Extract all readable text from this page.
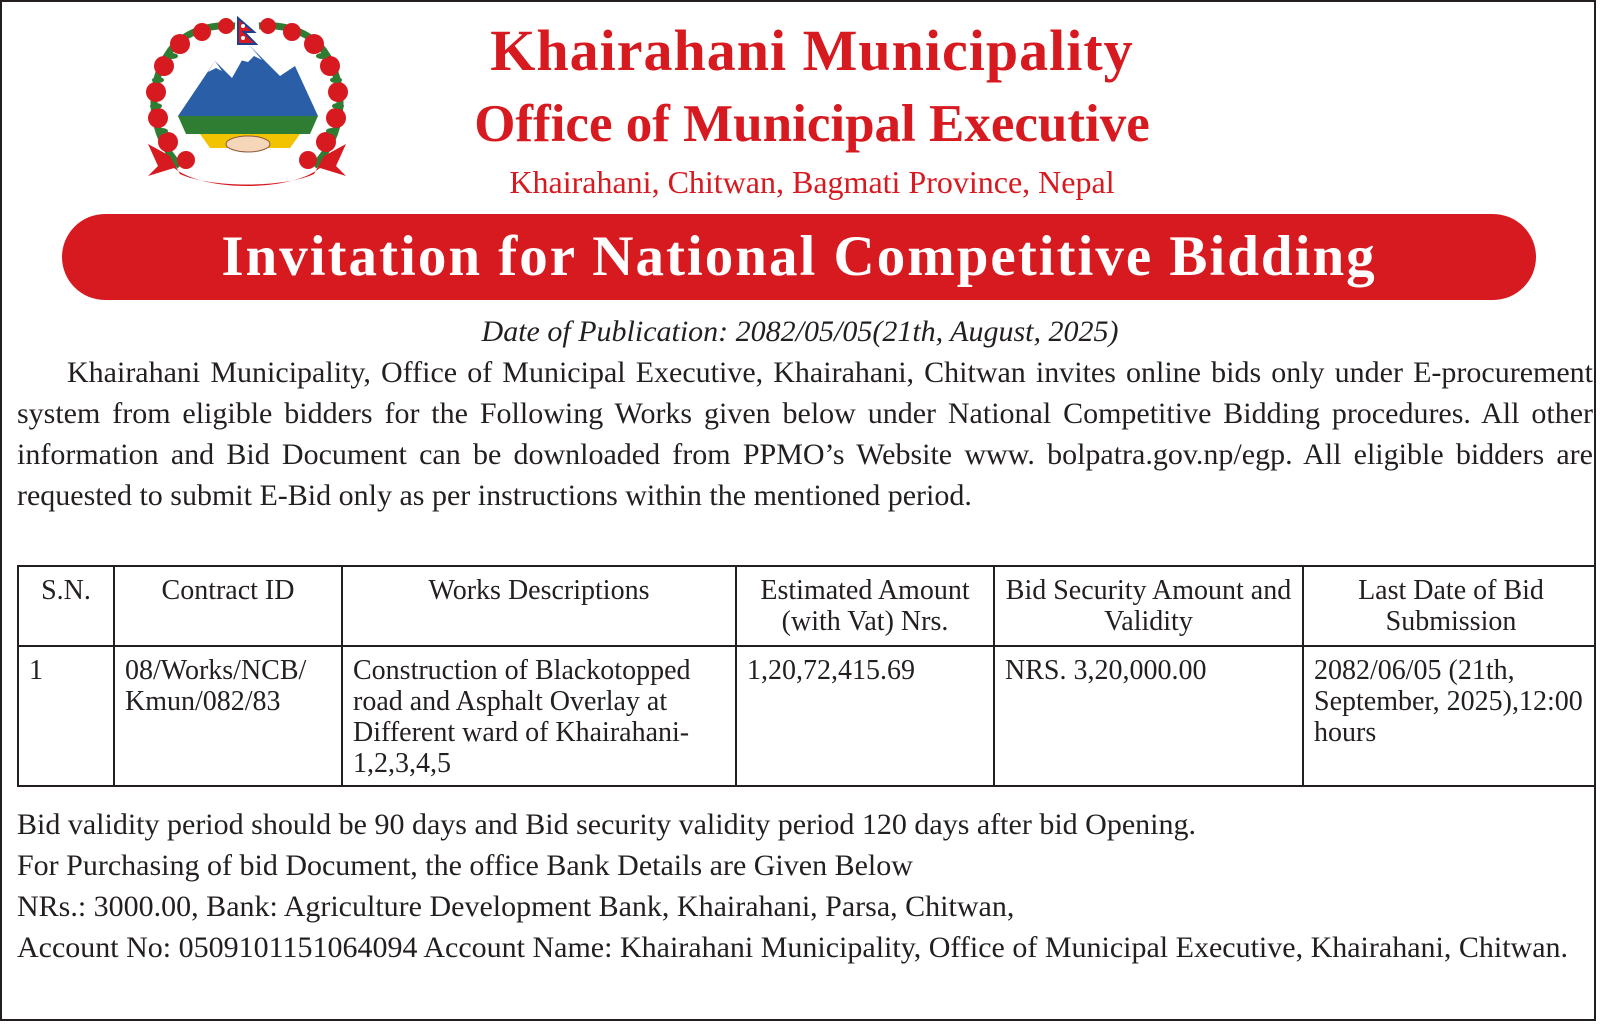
Khairahani Municipality
Office of Municipal Executive
Khairahani, Chitwan, Bagmati Province, Nepal
Invitation for National Competitive Bidding
Date of Publication: 2082/05/05(21th, August, 2025)

Khairahani Municipality, Office of Municipal Executive, Khairahani, Chitwan invites online bids only under E-procurement system from eligible bidders for the Following Works given below under National Competitive Bidding procedures. All other information and Bid Document can be downloaded from PPMO’s Website www. bolpatra.gov.np/egp. All eligible bidders are requested to submit E-Bid only as per instructions within the mentioned period.

S.N.	Contract ID	Works Descriptions	Estimated Amount (with Vat) Nrs.	Bid Security Amount and Validity	Last Date of Bid Submission
1	08/Works/NCB/ Kmun/082/83	Construction of Blackotopped road and Asphalt Overlay at Different ward of Khairahani-1,2,3,4,5	1,20,72,415.69	NRS. 3,20,000.00	2082/06/05 (21th, September, 2025),12:00 hours

Bid validity period should be 90 days and Bid security validity period 120 days after bid Opening.

For Purchasing of bid Document, the office Bank Details are Given Below

NRs.: 3000.00, Bank: Agriculture Development Bank, Khairahani, Parsa, Chitwan,

Account No: 0509101151064094 Account Name: Khairahani Municipality, Office of Municipal Executive, Khairahani, Chitwan.
